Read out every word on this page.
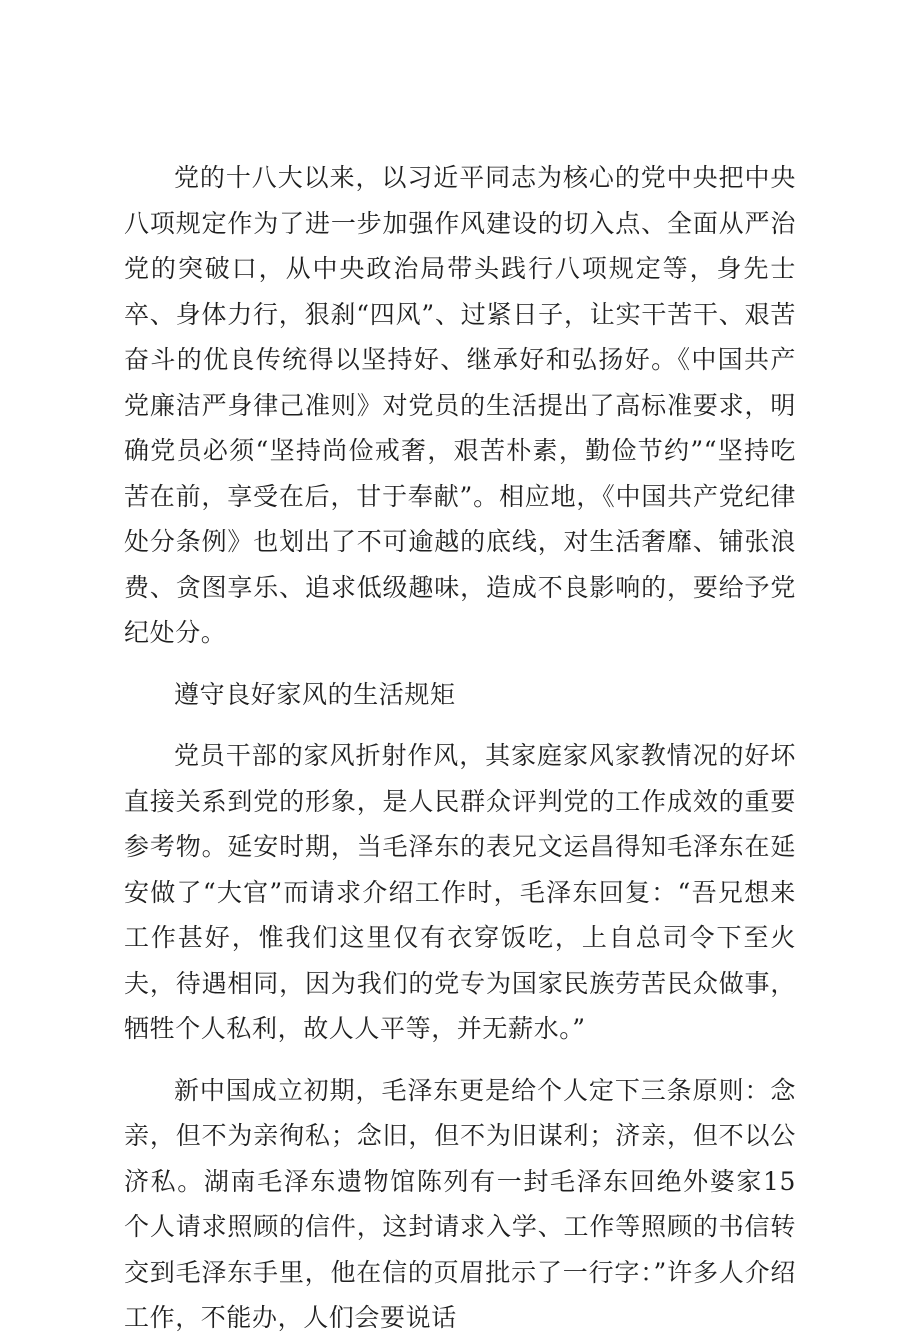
党的十八大以来，以习近平同志为核心的党中央把中央八项规定作为了进一步加强作风建设的切入点、全面从严治党的突破口，从中央政治局带头践行八项规定等，身先士卒、身体力行，狠刹“四风”、过紧日子，让实干苦干、艰苦奋斗的优良传统得以坚持好、继承好和弘扬好。《中国共产党廉洁严身律己准则》对党员的生活提出了高标准要求，明确党员必须“坚持尚俭戒奢，艰苦朴素，勤俭节约”“坚持吃苦在前，享受在后，甘于奉献”。相应地，《中国共产党纪律处分条例》也划出了不可逾越的底线，对生活奢靡、铺张浪费、贪图享乐、追求低级趣味，造成不良影响的，要给予党纪处分。

遵守良好家风的生活规矩

党员干部的家风折射作风，其家庭家风家教情况的好坏直接关系到党的形象，是人民群众评判党的工作成效的重要参考物。延安时期，当毛泽东的表兄文运昌得知毛泽东在延安做了“大官”而请求介绍工作时，毛泽东回复：“吾兄想来工作甚好，惟我们这里仅有衣穿饭吃，上自总司令下至火夫，待遇相同，因为我们的党专为国家民族劳苦民众做事，牺牲个人私利，故人人平等，并无薪水。”

新中国成立初期，毛泽东更是给个人定下三条原则：念亲，但不为亲徇私；念旧，但不为旧谋利；济亲，但不以公济私。湖南毛泽东遗物馆陈列有一封毛泽东回绝外婆家15个人请求照顾的信件，这封请求入学、工作等照顾的书信转交到毛泽东手里，他在信的页眉批示了一行字：”许多人介绍工作，不能办，人们会要说话
